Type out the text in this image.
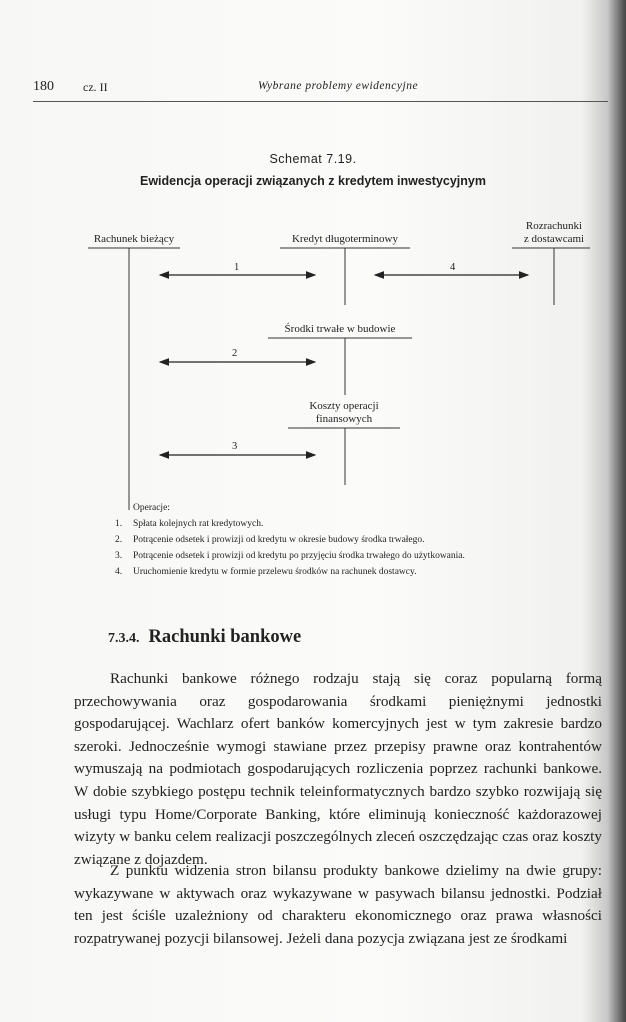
180 cz. II	Wybrane problemy ewidencyjne
Schemat 7.19.
Ewidencja operacji związanych z kredytem inwestycyjnym
Rachunek bieżący	Kredyt długoterminowy
Rozrachunki
z dostawcami
Środki trwałe w budowie
Koszty operacji
finansowych
1	4
2
3
Operacje:
1.	Spłata kolejnych rat kredytowych.
2.	Potrącenie odsetek i prowizji od kredytu w okresie budowy środka trwałego.
3.	Potrącenie odsetek i prowizji od kredytu po przyjęciu środka trwałego do użytkowania.
4.	Uruchomienie kredytu w formie przelewu środków na rachunek dostawcy.
7.3.4. Rachunki bankowe

Rachunki bankowe różnego rodzaju stają się coraz popularną formą przechowywania oraz gospodarowania środkami pieniężnymi jednostki gospodarującej. Wachlarz ofert banków komercyjnych jest w tym zakresie bardzo szeroki. Jednocześnie wymogi stawiane przez przepisy prawne oraz kontrahentów wymuszają na podmiotach gospodarujących rozliczenia poprzez rachunki bankowe. W dobie szybkiego postępu technik teleinformatycznych bardzo szybko rozwijają się usługi typu Home/Corporate Banking, które eliminują konieczność każdorazowej wizyty w banku celem realizacji poszczególnych zleceń oszczędzając czas oraz koszty związane z dojazdem.

Z punktu widzenia stron bilansu produkty bankowe dzielimy na dwie grupy: wykazywane w aktywach oraz wykazywane w pasywach bilansu jednostki. Podział ten jest ściśle uzależniony od charakteru ekonomicznego oraz prawa własności rozpatrywanej pozycji bilansowej. Jeżeli dana pozycja związana jest ze środkami
